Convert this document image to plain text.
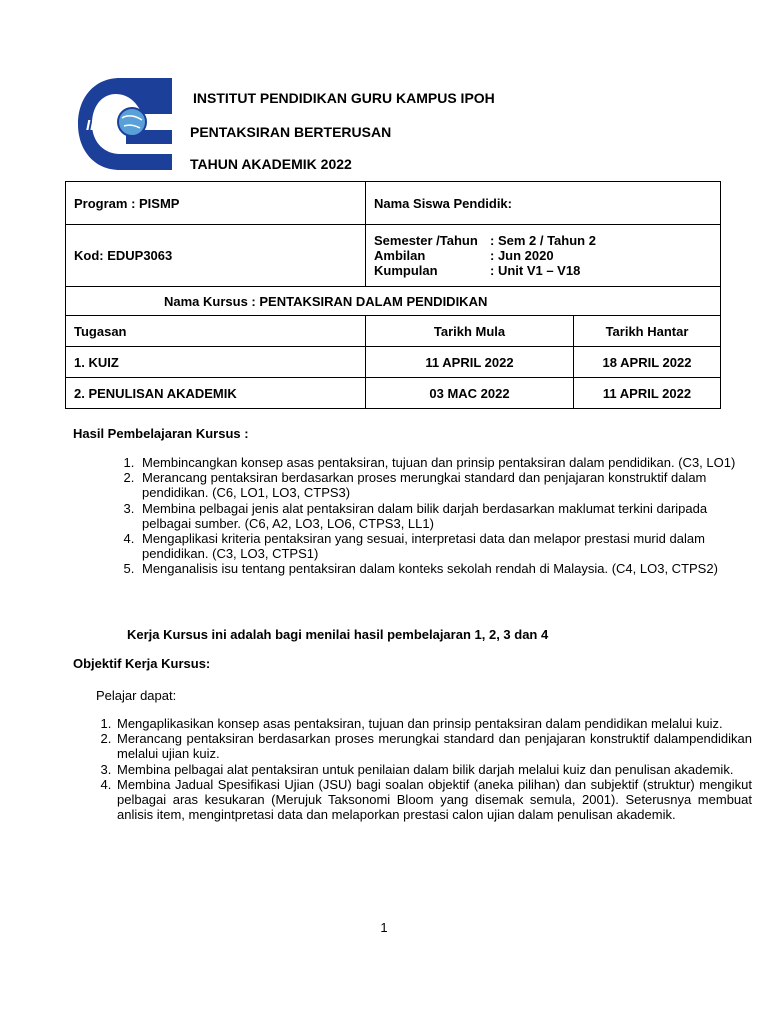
IPG
INSTITUT PENDIDIKAN GURU KAMPUS IPOH
PENTAKSIRAN BERTERUSAN
TAHUN AKADEMIK 2022
Program : PISMP	Nama Siswa Pendidik:	
Kod: EDUP3063	Semester /Tahun : Sem 2 / Tahun 2
Ambilan : Jun 2020
Kumpulan : Unit V1 – V18	

Nama Kursus : PENTAKSIRAN DALAM PENDIDIKAN		
Tugasan	Tarikh Mula	Tarikh Hantar
1. KUIZ	11 APRIL 2022	18 APRIL 2022
2. PENULISAN AKADEMIK	03 MAC 2022	11 APRIL 2022
Hasil Pembelajaran Kursus :
1. Membincangkan konsep asas pentaksiran, tujuan dan prinsip pentaksiran dalam pendidikan. (C3, LO1)
2. Merancang pentaksiran berdasarkan proses merungkai standard dan penjajaran konstruktif dalam pendidikan. (C6, LO1, LO3, CTPS3)
3. Membina pelbagai jenis alat pentaksiran dalam bilik darjah berdasarkan maklumat terkini daripada pelbagai sumber. (C6, A2, LO3, LO6, CTPS3, LL1)
4. Mengaplikasi kriteria pentaksiran yang sesuai, interpretasi data dan melapor prestasi murid dalam pendidikan. (C3, LO3, CTPS1)
5. Menganalisis isu tentang pentaksiran dalam konteks sekolah rendah di Malaysia. (C4, LO3, CTPS2)
Kerja Kursus ini adalah bagi menilai hasil pembelajaran 1, 2, 3 dan 4
Objektif Kerja Kursus:
Pelajar dapat:
1. Mengaplikasikan konsep asas pentaksiran, tujuan dan prinsip pentaksiran dalam pendidikan melalui kuiz.
2. Merancang pentaksiran berdasarkan proses merungkai standard dan penjajaran konstruktif dalampendidikan melalui ujian kuiz.
3. Membina pelbagai alat pentaksiran untuk penilaian dalam bilik darjah melalui kuiz dan penulisan akademik.
4. Membina Jadual Spesifikasi Ujian (JSU) bagi soalan objektif (aneka pilihan) dan subjektif (struktur) mengikut pelbagai aras kesukaran (Merujuk Taksonomi Bloom yang disemak semula, 2001). Seterusnya membuat anlisis item, mengintpretasi data dan melaporkan prestasi calon ujian dalam penulisan akademik.
1
